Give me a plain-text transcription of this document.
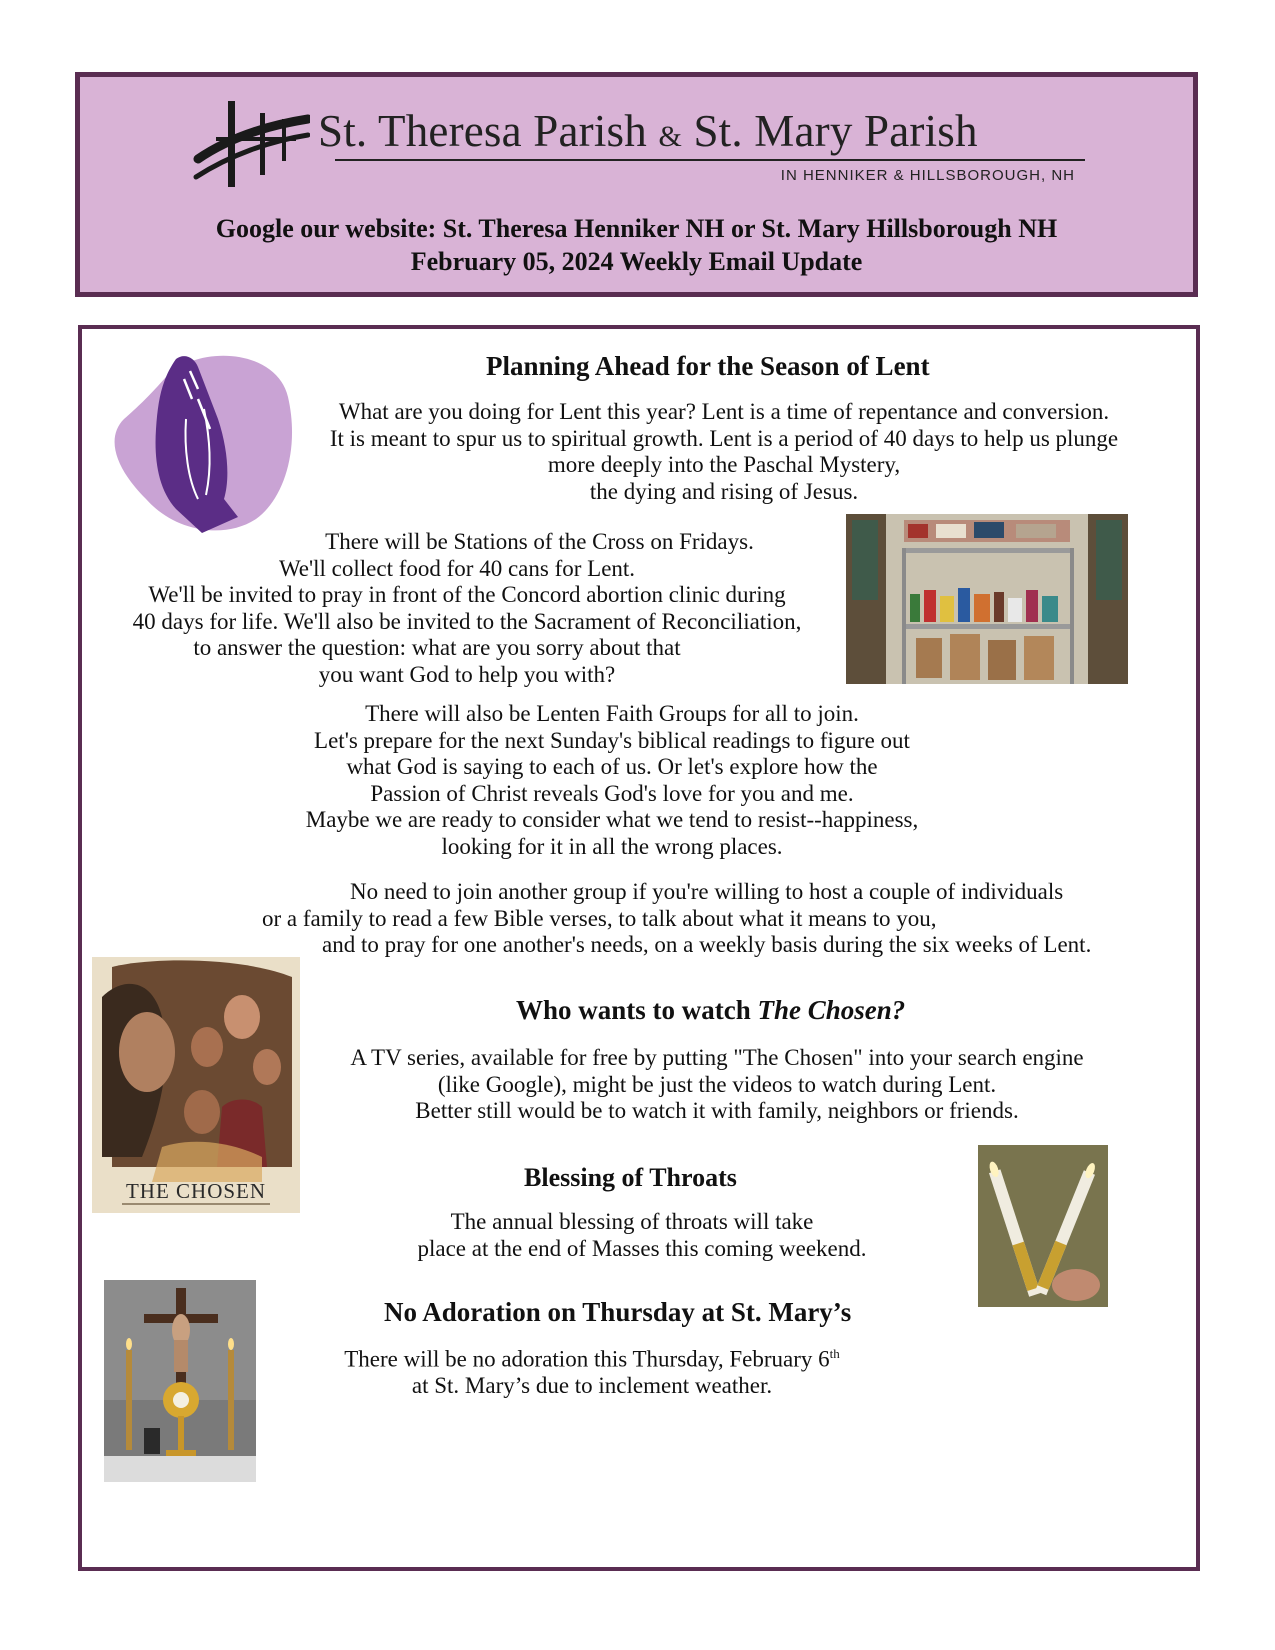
St. Theresa Parish & St. Mary Parish
IN HENNIKER & HILLSBOROUGH, NH
Google our website: St. Theresa Henniker NH or St. Mary Hillsborough NH
February 05, 2024 Weekly Email Update
Planning Ahead for the Season of Lent
What are you doing for Lent this year? Lent is a time of repentance and conversion.
It is meant to spur us to spiritual growth. Lent is a period of 40 days to help us plunge
more deeply into the Paschal Mystery,
the dying and rising of Jesus.
There will be Stations of the Cross on Fridays.
We'll collect food for 40 cans for Lent.
We'll be invited to pray in front of the Concord abortion clinic during
40 days for life. We'll also be invited to the Sacrament of Reconciliation,
to answer the question: what are you sorry about that
you want God to help you with?
There will also be Lenten Faith Groups for all to join.
Let's prepare for the next Sunday's biblical readings to figure out
what God is saying to each of us. Or let's explore how the
Passion of Christ reveals God's love for you and me.
Maybe we are ready to consider what we tend to resist--happiness,
looking for it in all the wrong places.
No need to join another group if you're willing to host a couple of individuals
or a family to read a few Bible verses, to talk about what it means to you,
and to pray for one another's needs, on a weekly basis during the six weeks of Lent.
THE CHOSEN
Who wants to watch The Chosen?
A TV series, available for free by putting "The Chosen" into your search engine
(like Google), might be just the videos to watch during Lent.
Better still would be to watch it with family, neighbors or friends.
Blessing of Throats
The annual blessing of throats will take
place at the end of Masses this coming weekend.
No Adoration on Thursday at St. Mary’s
There will be no adoration this Thursday, February 6th
at St. Mary’s due to inclement weather.
